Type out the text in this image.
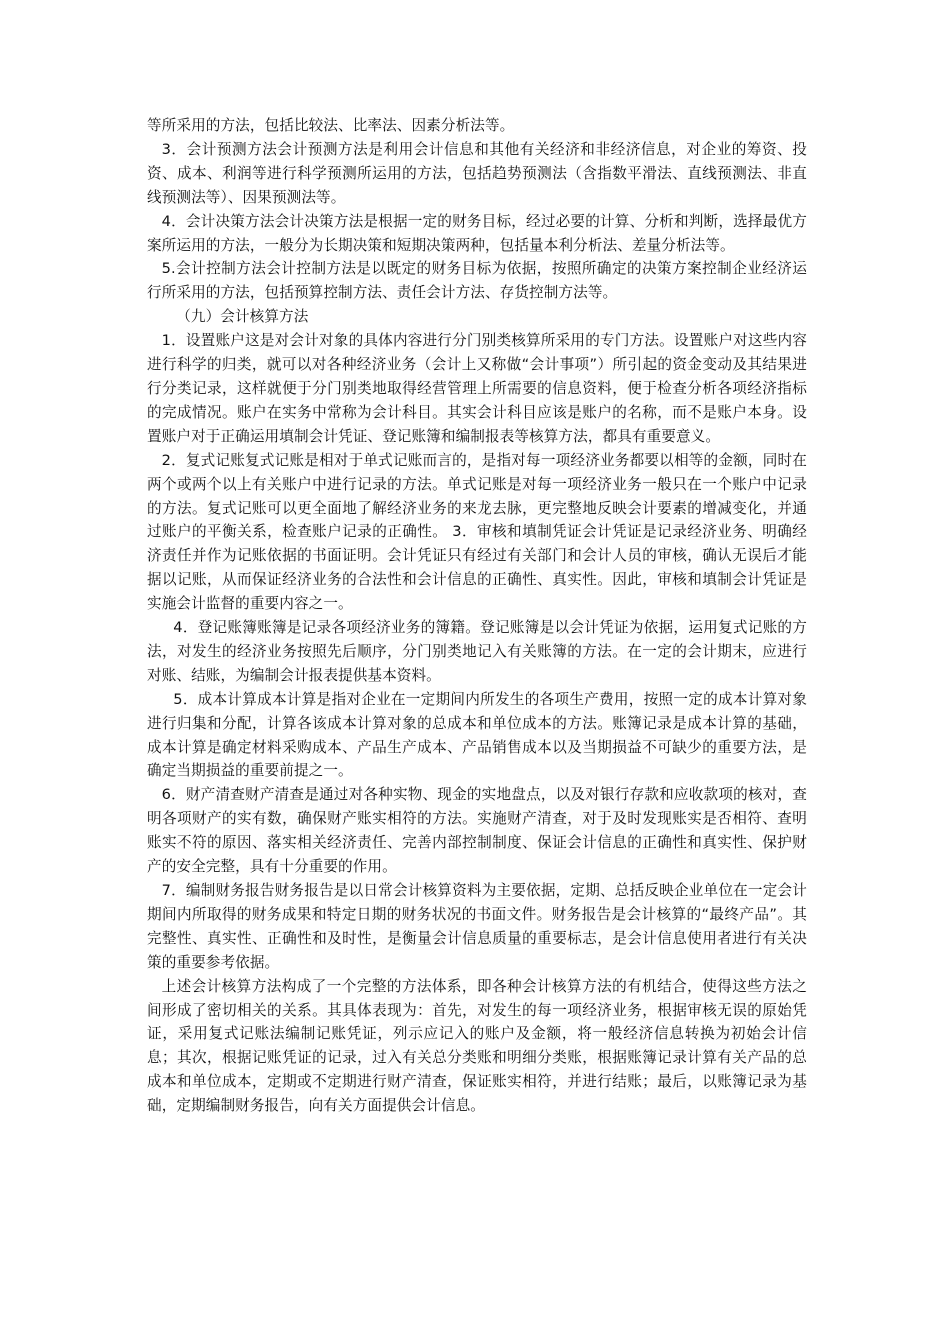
等所采用的方法，包括比较法、比率法、因素分析法等。

3．会计预测方法会计预测方法是利用会计信息和其他有关经济和非经济信息，对企业的筹资、投资、成本、利润等进行科学预测所运用的方法，包括趋势预测法（含指数平滑法、直线预测法、非直线预测法等）、因果预测法等。

4．会计决策方法会计决策方法是根据一定的财务目标，经过必要的计算、分析和判断，选择最优方案所运用的方法，一般分为长期决策和短期决策两种，包括量本利分析法、差量分析法等。

5.会计控制方法会计控制方法是以既定的财务目标为依据，按照所确定的决策方案控制企业经济运行所采用的方法，包括预算控制方法、责任会计方法、存货控制方法等。

（九）会计核算方法

1．设置账户这是对会计对象的具体内容进行分门别类核算所采用的专门方法。设置账户对这些内容进行科学的归类，就可以对各种经济业务（会计上又称做“会计事项”）所引起的资金变动及其结果进行分类记录，这样就便于分门别类地取得经营管理上所需要的信息资料，便于检查分析各项经济指标的完成情况。账户在实务中常称为会计科目。其实会计科目应该是账户的名称，而不是账户本身。设置账户对于正确运用填制会计凭证、登记账簿和编制报表等核算方法，都具有重要意义。

2．复式记账复式记账是相对于单式记账而言的，是指对每一项经济业务都要以相等的金额，同时在两个或两个以上有关账户中进行记录的方法。单式记账是对每一项经济业务一般只在一个账户中记录的方法。复式记账可以更全面地了解经济业务的来龙去脉，更完整地反映会计要素的增减变化，并通过账户的平衡关系，检查账户记录的正确性。 3．审核和填制凭证会计凭证是记录经济业务、明确经济责任并作为记账依据的书面证明。会计凭证只有经过有关部门和会计人员的审核，确认无误后才能据以记账，从而保证经济业务的合法性和会计信息的正确性、真实性。因此，审核和填制会计凭证是实施会计监督的重要内容之一。

4．登记账簿账簿是记录各项经济业务的簿籍。登记账簿是以会计凭证为依据，运用复式记账的方法，对发生的经济业务按照先后顺序，分门别类地记入有关账簿的方法。在一定的会计期末，应进行对账、结账，为编制会计报表提供基本资料。

5．成本计算成本计算是指对企业在一定期间内所发生的各项生产费用，按照一定的成本计算对象进行归集和分配，计算各该成本计算对象的总成本和单位成本的方法。账簿记录是成本计算的基础，成本计算是确定材料采购成本、产品生产成本、产品销售成本以及当期损益不可缺少的重要方法，是确定当期损益的重要前提之一。

6．财产清查财产清查是通过对各种实物、现金的实地盘点，以及对银行存款和应收款项的核对，查明各项财产的实有数，确保财产账实相符的方法。实施财产清查，对于及时发现账实是否相符、查明账实不符的原因、落实相关经济责任、完善内部控制制度、保证会计信息的正确性和真实性、保护财产的安全完整，具有十分重要的作用。

7．编制财务报告财务报告是以日常会计核算资料为主要依据，定期、总括反映企业单位在一定会计期间内所取得的财务成果和特定日期的财务状况的书面文件。财务报告是会计核算的“最终产品”。其完整性、真实性、正确性和及时性，是衡量会计信息质量的重要标志，是会计信息使用者进行有关决策的重要参考依据。

上述会计核算方法构成了一个完整的方法体系，即各种会计核算方法的有机结合，使得这些方法之间形成了密切相关的关系。其具体表现为：首先，对发生的每一项经济业务，根据审核无误的原始凭证，采用复式记账法编制记账凭证，列示应记入的账户及金额，将一般经济信息转换为初始会计信息；其次，根据记账凭证的记录，过入有关总分类账和明细分类账，根据账簿记录计算有关产品的总成本和单位成本，定期或不定期进行财产清查，保证账实相符，并进行结账；最后，以账簿记录为基础，定期编制财务报告，向有关方面提供会计信息。
